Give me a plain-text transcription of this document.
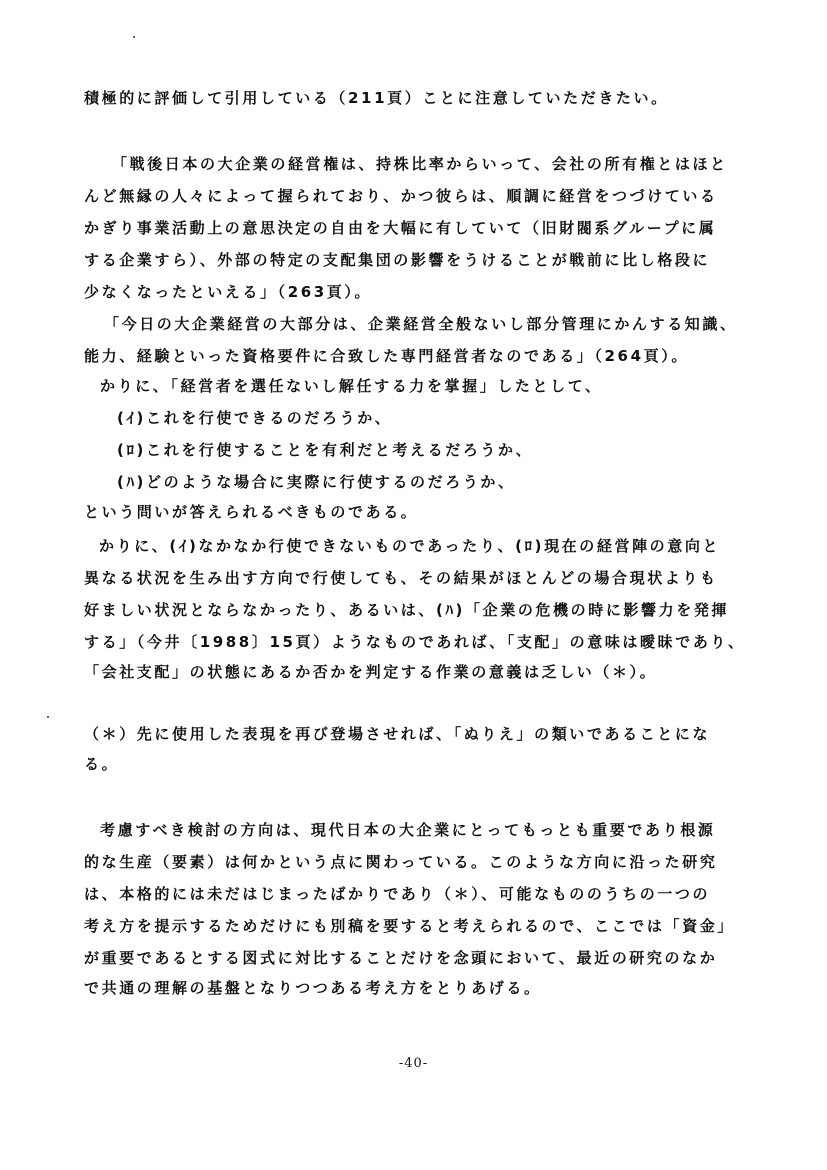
積極的に評価して引用している（211頁）ことに注意していただきたい。
「戦後日本の大企業の経営権は、持株比率からいって、会社の所有権とはほと
んど無縁の人々によって握られており、かつ彼らは、順調に経営をつづけている
かぎり事業活動上の意思決定の自由を大幅に有していて（旧財閥系グループに属
する企業すら）、外部の特定の支配集団の影響をうけることが戦前に比し格段に
少なくなったといえる」（263頁）。
「今日の大企業経営の大部分は、企業経営全般ないし部分管理にかんする知識、
能力、経験といった資格要件に合致した専門経営者なのである」（264頁）。
かりに、「経営者を選任ないし解任する力を掌握」したとして、
(ｲ)これを行使できるのだろうか、
(ﾛ)これを行使することを有利だと考えるだろうか、
(ﾊ)どのような場合に実際に行使するのだろうか、
という問いが答えられるべきものである。
かりに、(ｲ)なかなか行使できないものであったり、(ﾛ)現在の経営陣の意向と
異なる状況を生み出す方向で行使しても、その結果がほとんどの場合現状よりも
好ましい状況とならなかったり、あるいは、(ﾊ)「企業の危機の時に影響力を発揮
する」（今井〔1988〕15頁）ようなものであれば、「支配」の意味は曖昧であり、
「会社支配」の状態にあるか否かを判定する作業の意義は乏しい（＊）。
（＊）先に使用した表現を再び登場させれば、「ぬりえ」の類いであることにな
る。
考慮すべき検討の方向は、現代日本の大企業にとってもっとも重要であり根源
的な生産（要素）は何かという点に関わっている。このような方向に沿った研究
は、本格的には未だはじまったばかりであり（＊）、可能なもののうちの一つの
考え方を提示するためだけにも別稿を要すると考えられるので、ここでは「資金」
が重要であるとする図式に対比することだけを念頭において、最近の研究のなか
で共通の理解の基盤となりつつある考え方をとりあげる。
-40-
